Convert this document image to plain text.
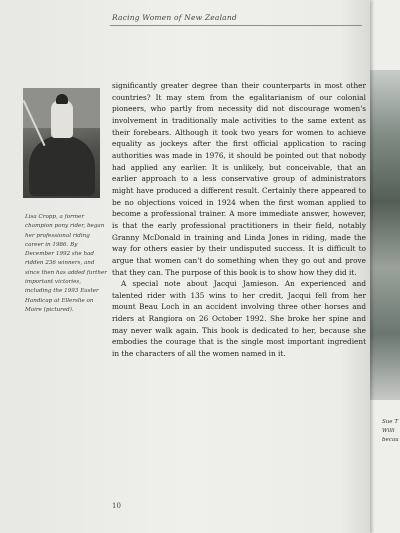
Sue T Willi becau
Racing Women of New Zealand

Lisa Cropp, a former champion pony rider, began her professional riding career in 1986. By December 1992 she had ridden 236 winners, and since then has added further important victories, including the 1993 Easter Handicap at Ellerslie on Moire (pictured).

significantly greater degree than their counterparts in most other countries? It may stem from the egalitarianism of our colonial pioneers, who partly from necessity did not discourage women's involvement in traditionally male activities to the same extent as their forebears. Although it took two years for women to achieve equality as jockeys after the first official application to racing authorities was made in 1976, it should be pointed out that nobody had applied any earlier. It is unlikely, but conceivable, that an earlier approach to a less conservative group of administrators might have produced a different result. Certainly there appeared to be no objections voiced in 1924 when the first woman applied to become a professional trainer. A more immediate answer, however, is that the early professional practitioners in their field, notably Granny McDonald in training and Linda Jones in riding, made the way for others easier by their undisputed success. It is difficult to argue that women can't do something when they go out and prove that they can. The purpose of this book is to show how they did it.

A special note about Jacqui Jamieson. An experienced and talented rider with 135 wins to her credit, Jacqui fell from her mount Beau Loch in an accident involving three other horses and riders at Rangiora on 26 October 1992. She broke her spine and may never walk again. This book is dedicated to her, because she embodies the courage that is the single most important ingredient in the characters of all the women named in it.

10
